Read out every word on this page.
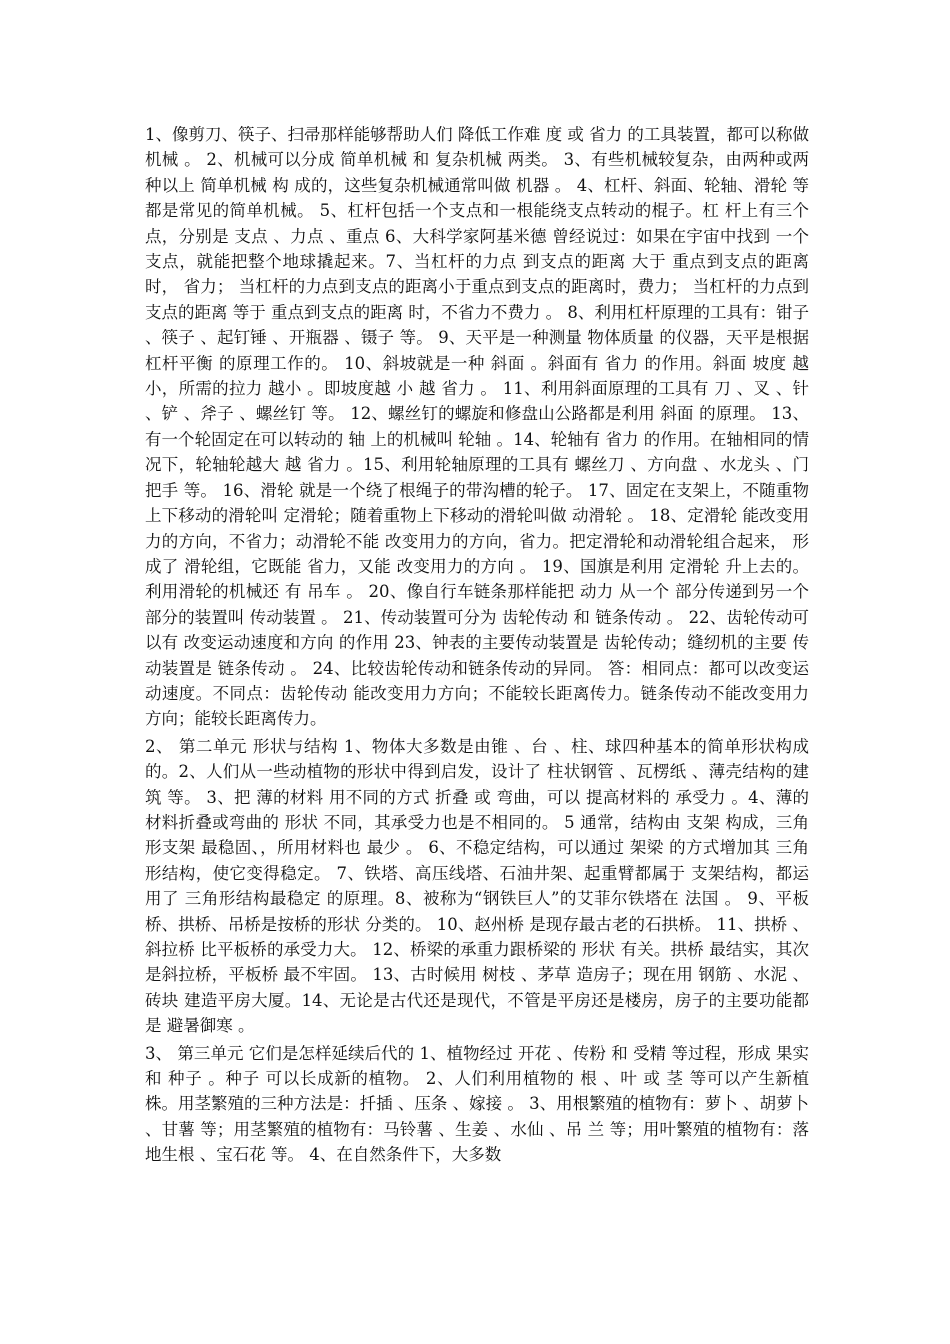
1、像剪刀、筷子、扫帚那样能够帮助人们 降低工作难 度 或 省力 的工具装置，都可以称做 机械 。 2、机械可以分成 简单机械 和 复杂机械 两类。 3、有些机械较复杂，由两种或两种以上 简单机械 构 成的，这些复杂机械通常叫做 机器 。 4、杠杆、斜面、轮轴、滑轮 等都是常见的简单机械。 5、杠杆包括一个支点和一根能绕支点转动的棍子。杠 杆上有三个点，分别是 支点 、力点 、重点 6、大科学家阿基米德 曾经说过：如果在宇宙中找到 一个支点，就能把整个地球撬起来。7、当杠杆的力点 到支点的距离 大于 重点到支点的距离时， 省力； 当杠杆的力点到支点的距离小于重点到支点的距离时，费力； 当杠杆的力点到支点的距离 等于 重点到支点的距离 时，不省力不费力 。 8、利用杠杆原理的工具有：钳子 、筷子 、起钉锤 、开瓶器 、镊子 等。 9、天平是一种测量 物体质量 的仪器，天平是根据 杠杆平衡 的原理工作的。 10、斜坡就是一种 斜面 。斜面有 省力 的作用。斜面 坡度 越小，所需的拉力 越小 。即坡度越 小 越 省力 。 11、利用斜面原理的工具有 刀 、叉 、针 、铲 、斧子 、螺丝钉 等。 12、螺丝钉的螺旋和修盘山公路都是利用 斜面 的原理。 13、有一个轮固定在可以转动的 轴 上的机械叫 轮轴 。14、轮轴有 省力 的作用。在轴相同的情况下，轮轴轮越大 越 省力 。15、利用轮轴原理的工具有 螺丝刀 、方向盘 、水龙头 、门把手 等。 16、滑轮 就是一个绕了根绳子的带沟槽的轮子。 17、固定在支架上，不随重物上下移动的滑轮叫 定滑轮；随着重物上下移动的滑轮叫做 动滑轮 。 18、定滑轮 能改变用力的方向，不省力；动滑轮不能 改变用力的方向，省力。把定滑轮和动滑轮组合起来， 形成了 滑轮组，它既能 省力，又能 改变用力的方向 。 19、国旗是利用 定滑轮 升上去的。利用滑轮的机械还 有 吊车 。 20、像自行车链条那样能把 动力 从一个 部分传递到另一个部分的装置叫 传动装置 。 21、传动装置可分为 齿轮传动 和 链条传动 。 22、齿轮传动可以有 改变运动速度和方向 的作用 23、钟表的主要传动装置是 齿轮传动；缝纫机的主要 传动装置是 链条传动 。 24、比较齿轮传动和链条传动的异同。 答：相同点：都可以改变运动速度。不同点：齿轮传动 能改变用力方向；不能较长距离传力。链条传动不能改变用力方向；能较长距离传力。

2、 第二单元 形状与结构 1、物体大多数是由锥 、台 、柱、球四种基本的简单形状构成的。2、人们从一些动植物的形状中得到启发，设计了 柱状钢管 、瓦楞纸 、薄壳结构的建筑 等。 3、把 薄的材料 用不同的方式 折叠 或 弯曲，可以 提高材料的 承受力 。4、薄的材料折叠或弯曲的 形状 不同，其承受力也是不相同的。 5 通常，结构由 支架 构成，三角形支架 最稳固、，所用材料也 最少 。 6、不稳定结构，可以通过 架梁 的方式增加其 三角形结构，使它变得稳定。 7、铁塔、高压线塔、石油井架、起重臂都属于 支架结构，都运用了 三角形结构最稳定 的原理。8、被称为“钢铁巨人”的艾菲尔铁塔在 法国 。 9、平板桥、拱桥、吊桥是按桥的形状 分类的。 10、赵州桥 是现存最古老的石拱桥。 11、拱桥 、斜拉桥 比平板桥的承受力大。 12、桥梁的承重力跟桥梁的 形状 有关。拱桥 最结实，其次是斜拉桥，平板桥 最不牢固。 13、古时候用 树枝 、茅草 造房子；现在用 钢筋 、水泥 、砖块 建造平房大厦。14、无论是古代还是现代，不管是平房还是楼房，房子的主要功能都是 避暑御寒 。

3、 第三单元 它们是怎样延续后代的 1、植物经过 开花 、传粉 和 受精 等过程，形成 果实 和 种子 。种子 可以长成新的植物。 2、人们利用植物的 根 、叶 或 茎 等可以产生新植株。用茎繁殖的三种方法是：扦插 、压条 、嫁接 。 3、用根繁殖的植物有：萝卜 、胡萝卜 、甘薯 等；用茎繁殖的植物有：马铃薯 、生姜 、水仙 、吊 兰 等；用叶繁殖的植物有：落地生根 、宝石花 等。 4、在自然条件下，大多数
